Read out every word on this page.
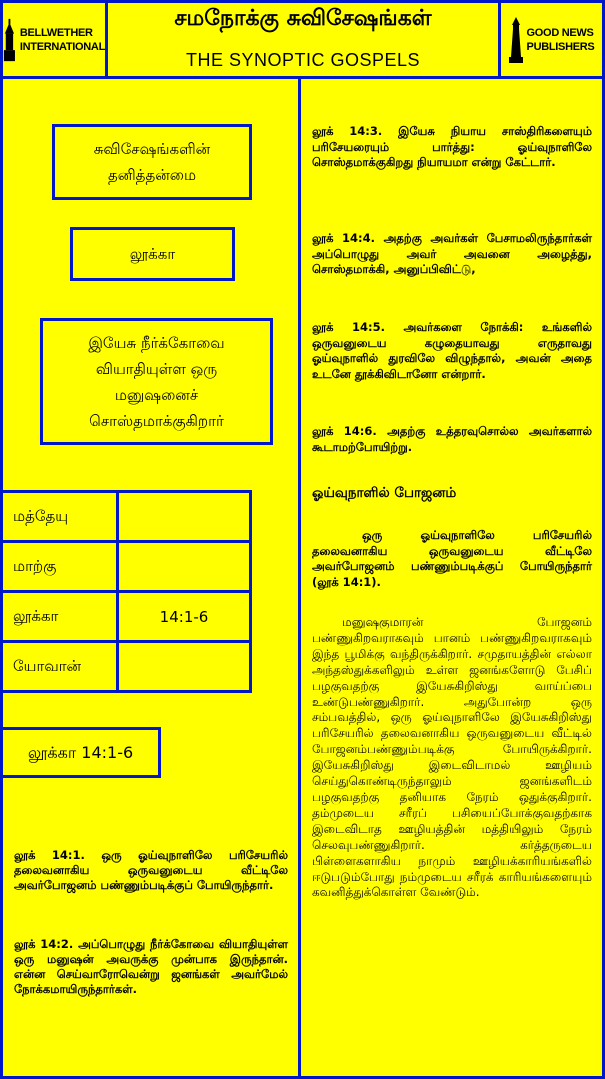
BELLWETHER
INTERNATIONAL
சமநோக்கு சுவிசேஷங்கள்
THE SYNOPTIC GOSPELS
GOOD NEWS
PUBLISHERS
சுவிசேஷங்களின்
தனித்தன்மை
லூக்கா
இயேசு நீர்க்கோவை
வியாதியுள்ள ஒரு
மனுஷனைச்
சொஸ்தமாக்குகிறார்
மத்தேயு
மாற்கு
லூக்கா	14:1-6
யோவான்
லூக்கா 14:1-6
லூக் 14:1. ஒரு ஓய்வுநாளிலே பரிசேயரில் தலைவனாகிய ஒருவனுடைய வீட்டிலே அவர்போஜனம் பண்ணும்படிக்குப் போயிருந்தார்.
லூக் 14:2. அப்பொழுது நீர்க்கோவை வியாதியுள்ள ஒரு மனுஷன் அவருக்கு முன்பாக இருந்தான். என்ன செய்வாரோவென்று ஜனங்கள் அவர்மேல் நோக்கமாயிருந்தார்கள்.
லூக் 14:3. இயேசு நியாய சாஸ்திரிகளையும் பரிசேயரையும் பார்த்து: ஓய்வுநாளிலே சொஸ்தமாக்குகிறது நியாயமா என்று கேட்டார்.
லூக் 14:4. அதற்கு அவர்கள் பேசாமலிருந்தார்கள் அப்பொழுது அவர் அவனை அழைத்து, சொஸ்தமாக்கி, அனுப்பிவிட்டு,
லூக் 14:5. அவர்களை நோக்கி: உங்களில் ஒருவனுடைய கழுதையாவது எருதாவது ஓய்வுநாளில் துரவிலே விழுந்தால், அவன் அதை உடனே தூக்கிவிடானோ என்றார்.
லூக் 14:6. அதற்கு உத்தரவுசொல்ல அவர்களால் கூடாமற்போயிற்று.
ஓய்வுநாளில் போஜனம்
ஒரு ஓய்வுநாளிலே பரிசேயரில் தலைவனாகிய ஒருவனுடைய வீட்டிலே அவர்போஜனம் பண்ணும்படிக்குப் போயிருந்தார் (லூக் 14:1).
மனுஷகுமாரன் போஜனம் பண்ணுகிறவராகவும் பானம் பண்ணுகிறவராகவும் இந்த பூமிக்கு வந்திருக்கிறார். சமுதாயத்தின் எல்லா அந்தஸ்துக்களிலும் உள்ள ஜனங்களோடு பேசிப் பழகுவதற்கு இயேசுகிறிஸ்து வாய்ப்பை உண்டுபண்ணுகிறார். அதுபோன்ற ஒரு சம்பவத்தில், ஒரு ஓய்வுநாளிலே இயேசுகிறிஸ்து பரிசேயரில் தலைவனாகிய ஒருவனுடைய வீட்டில் போஜனம்பண்ணும்படிக்கு போயிருக்கிறார். இயேசுகிறிஸ்து இடைவிடாமல் ஊழியம் செய்துகொண்டிருந்தாலும் ஜனங்களிடம் பழகுவதற்கு தனியாக நேரம் ஒதுக்குகிறார். தம்முடைய சரீரப் பசியைப்போக்குவதற்காக இடைவிடாத ஊழியத்தின் மத்தியிலும் நேரம் செலவுபண்ணுகிறார். கர்த்தருடைய பிள்ளைகளாகிய நாமும் ஊழியக்காரியங்களில் ஈடுபடும்போது நம்முடைய சரீரக் காரியங்களையும் கவனித்துக்கொள்ள வேண்டும்.
